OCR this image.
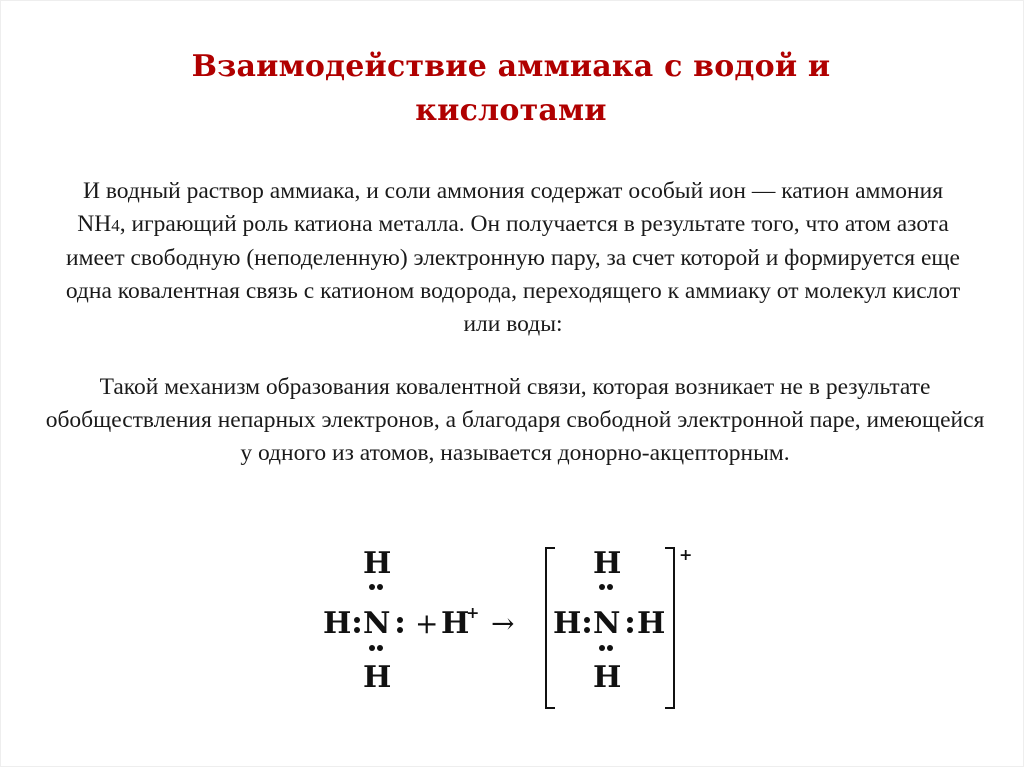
Взаимодействие аммиака с водой и кислотами

И водный раствор аммиака, и соли аммония содержат особый ион — катион аммония NH4, играющий роль катиона металла. Он получается в результате того, что атом азота имеет свободную (неподеленную) электронную пару, за счет которой и формируется еще одна ковалентная связь с катионом водорода, переходящего к аммиаку от молекул кислот или воды:

Такой механизм образования ковалентной связи, которая возникает не в результате обобществления непарных электронов, а благодаря свободной электронной паре, имеющейся у одного из атомов, называется донорно-акцепторным.

H
H N
H
+ H
+ →
H
H N H
H
+
